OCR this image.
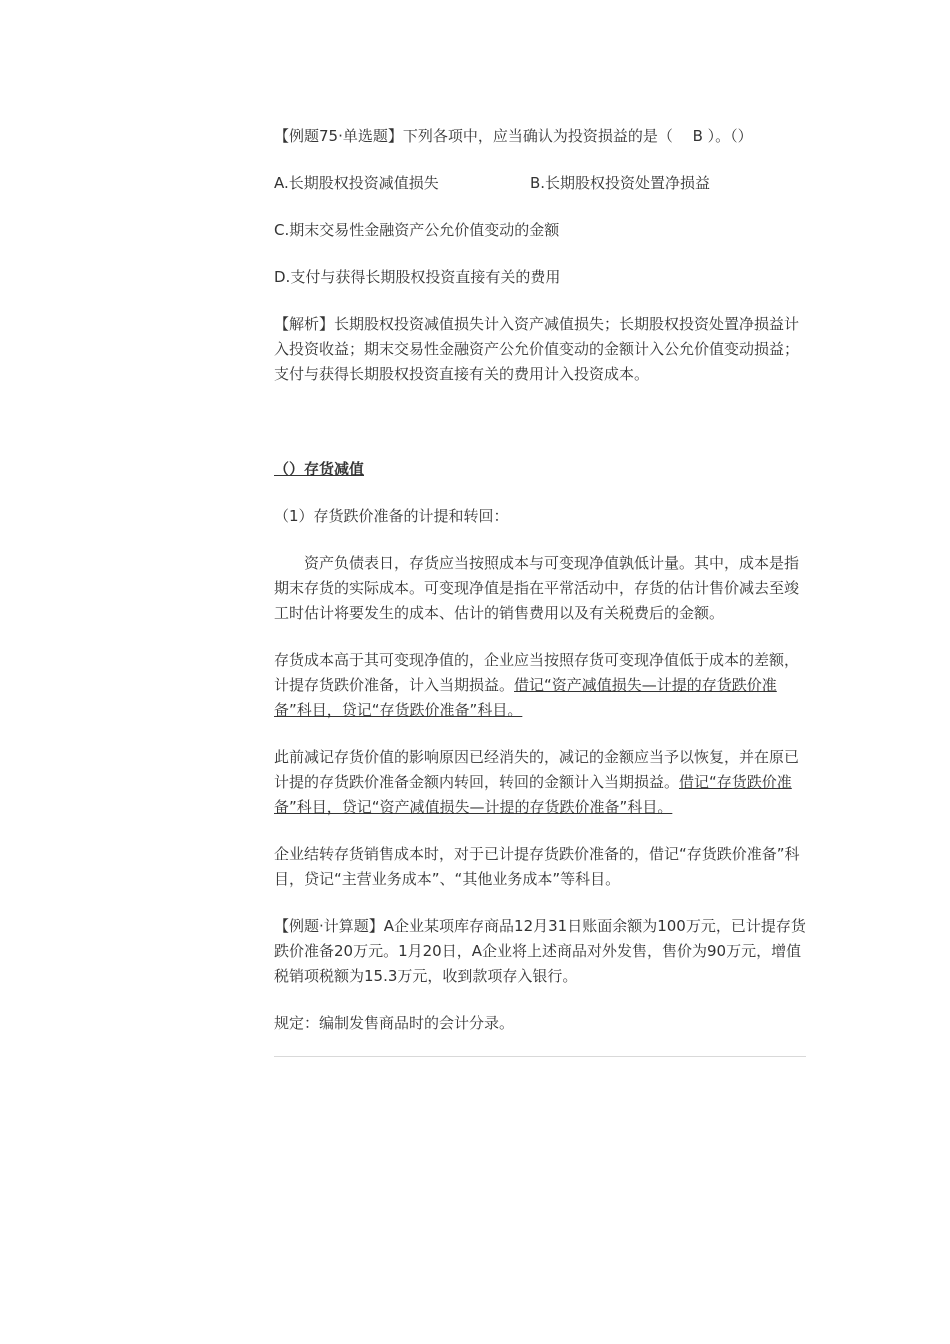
【例题75·单选题】下列各项中，应当确认为投资损益的是（　 B ）。（）

A.长期股权投资减值损失	B.长期股权投资处置净损益

C.期末交易性金融资产公允价值变动的金额

D.支付与获得长期股权投资直接有关的费用

【解析】长期股权投资减值损失计入资产减值损失；长期股权投资处置净损益计入投资收益；期末交易性金融资产公允价值变动的金额计入公允价值变动损益；支付与获得长期股权投资直接有关的费用计入投资成本。

（）存货减值

（1）存货跌价准备的计提和转回：

资产负债表日，存货应当按照成本与可变现净值孰低计量。其中，成本是指期末存货的实际成本。可变现净值是指在平常活动中，存货的估计售价减去至竣工时估计将要发生的成本、估计的销售费用以及有关税费后的金额。

存货成本高于其可变现净值的，企业应当按照存货可变现净值低于成本的差额，计提存货跌价准备，计入当期损益。借记“资产减值损失—计提的存货跌价准备”科目，贷记“存货跌价准备”科目。

此前减记存货价值的影响原因已经消失的，减记的金额应当予以恢复，并在原已计提的存货跌价准备金额内转回，转回的金额计入当期损益。借记“存货跌价准备”科目，贷记“资产减值损失—计提的存货跌价准备”科目。

企业结转存货销售成本时，对于已计提存货跌价准备的，借记“存货跌价准备”科目，贷记“主营业务成本”、“其他业务成本”等科目。

【例题·计算题】A企业某项库存商品12月31日账面余额为100万元，已计提存货跌价准备20万元。1月20日，A企业将上述商品对外发售，售价为90万元，增值税销项税额为15.3万元，收到款项存入银行。

规定：编制发售商品时的会计分录。
